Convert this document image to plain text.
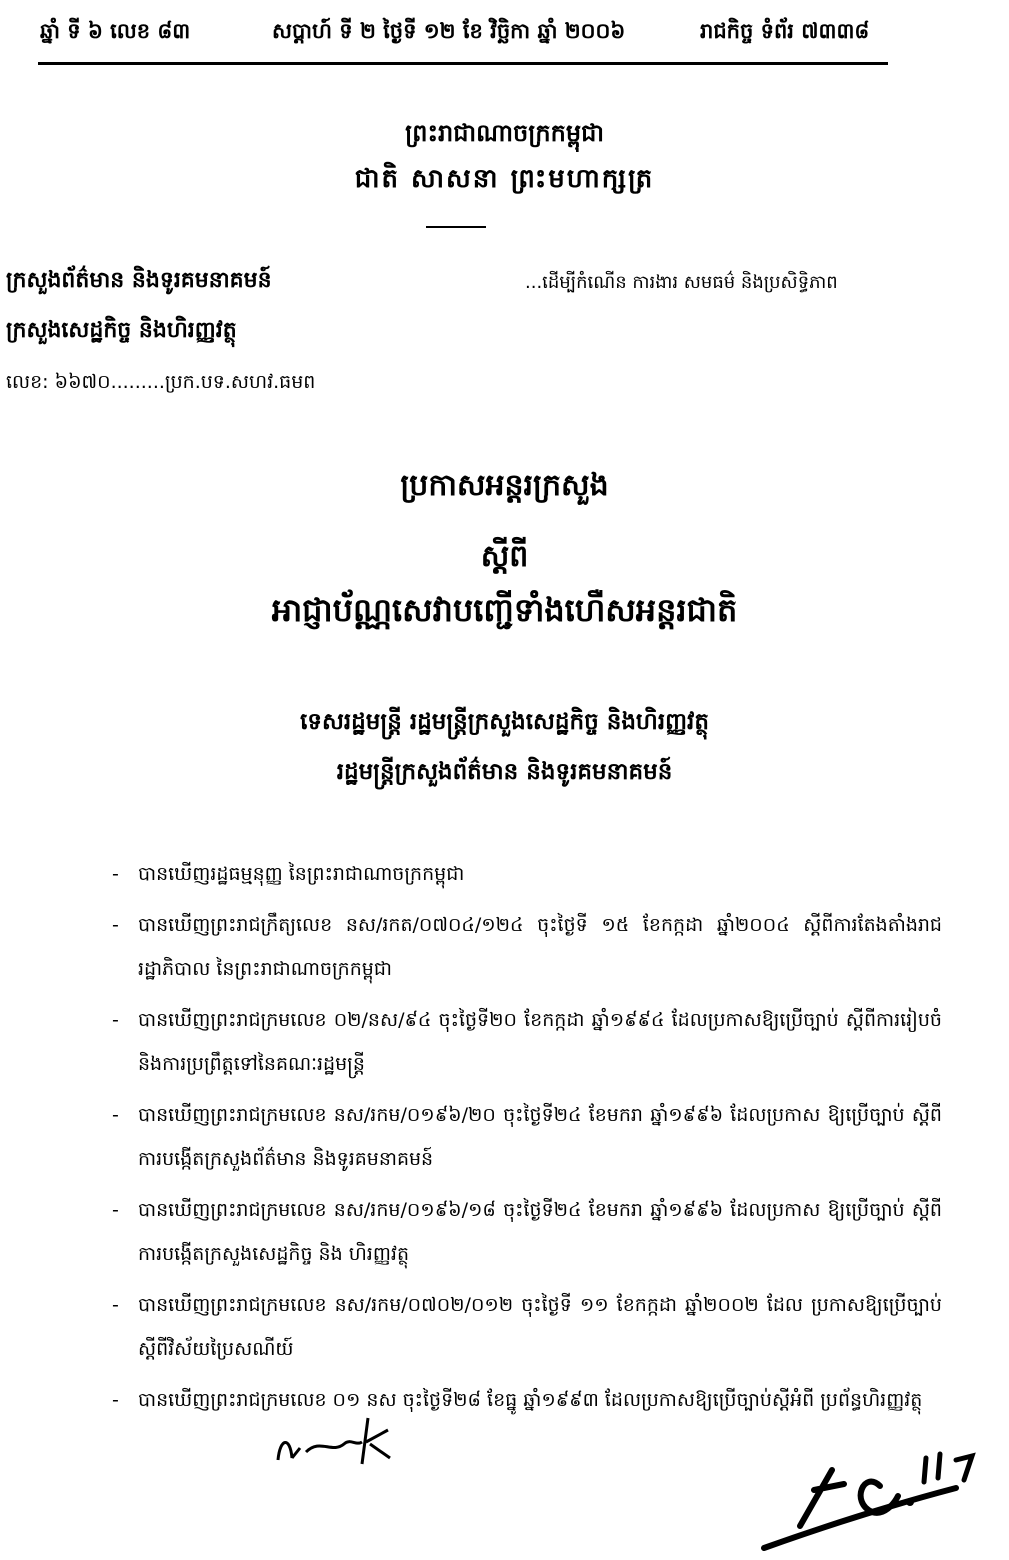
ឆ្នាំ ទី ៦ លេខ ៨៣	សប្តាហ៍ ទី ២ ថ្ងៃទី ១២ ខែ វិច្ឆិកា ឆ្នាំ ២០០៦	រាជកិច្ច ទំព័រ ៧៣៣៨
ព្រះរាជាណាចក្រកម្ពុជា
ជាតិ សាសនា ព្រះមហាក្សត្រ
ក្រសួងព័ត៌មាន និងទូរគមនាគមន៍
ក្រសួងសេដ្ឋកិច្ច និងហិរញ្ញវត្ថុ
...ដើម្បីកំណើន ការងារ សមធម៌ និងប្រសិទ្ធិភាព
លេខ: ៦៦៧០.........ប្រក.បទ.សហវ.ធមព
ប្រកាសអន្តរក្រសួង
ស្តីពី
អាជ្ញាប័ណ្ណសេវាបញ្ជើទាំងហេឺសអន្តរជាតិ
ទេសរដ្ឋមន្ត្រី រដ្ឋមន្ត្រីក្រសួងសេដ្ឋកិច្ច និងហិរញ្ញវត្ថុ
រដ្ឋមន្ត្រីក្រសួងព័ត៌មាន និងទូរគមនាគមន៍
- បានឃើញរដ្ឋធម្មនុញ្ញ នៃព្រះរាជាណាចក្រកម្ពុជា
- បានឃើញព្រះរាជក្រឹត្យលេខ នស/រកត/០៧០៤/១២៤ ចុះថ្ងៃទី ១៥ ខែកក្កដា ឆ្នាំ២០០៤ ស្តីពីការតែងតាំងរាជរដ្ឋាភិបាល នៃព្រះរាជាណាចក្រកម្ពុជា
- បានឃើញព្រះរាជក្រមលេខ ០២/នស/៩៤ ចុះថ្ងៃទី២០ ខែកក្កដា ឆ្នាំ១៩៩៤ ដែលប្រកាសឱ្យប្រើច្បាប់ ស្តីពីការរៀបចំ និងការប្រព្រឹត្តទៅនៃគណៈរដ្ឋមន្ត្រី
- បានឃើញព្រះរាជក្រមលេខ នស/រកម/០១៩៦/២០ ចុះថ្ងៃទី២៤ ខែមករា ឆ្នាំ១៩៩៦ ដែលប្រកាស ឱ្យប្រើច្បាប់ ស្តីពីការបង្កើតក្រសួងព័ត៌មាន និងទូរគមនាគមន៍
- បានឃើញព្រះរាជក្រមលេខ នស/រកម/០១៩៦/១៨ ចុះថ្ងៃទី២៤ ខែមករា ឆ្នាំ១៩៩៦ ដែលប្រកាស ឱ្យប្រើច្បាប់ ស្តីពីការបង្កើតក្រសួងសេដ្ឋកិច្ច និង ហិរញ្ញវត្ថុ
- បានឃើញព្រះរាជក្រមលេខ នស/រកម/០៧០២/០១២ ចុះថ្ងៃទី ១១ ខែកក្កដា ឆ្នាំ២០០២ ដែល ប្រកាសឱ្យប្រើច្បាប់ស្តីពីវិស័យប្រៃសណីយ៍
- បានឃើញព្រះរាជក្រមលេខ ០១ នស ចុះថ្ងៃទី២៨ ខែធ្នូ ឆ្នាំ១៩៩៣ ដែលប្រកាសឱ្យប្រើច្បាប់ស្តីអំពី ប្រព័ន្ធហិរញ្ញវត្ថុ
